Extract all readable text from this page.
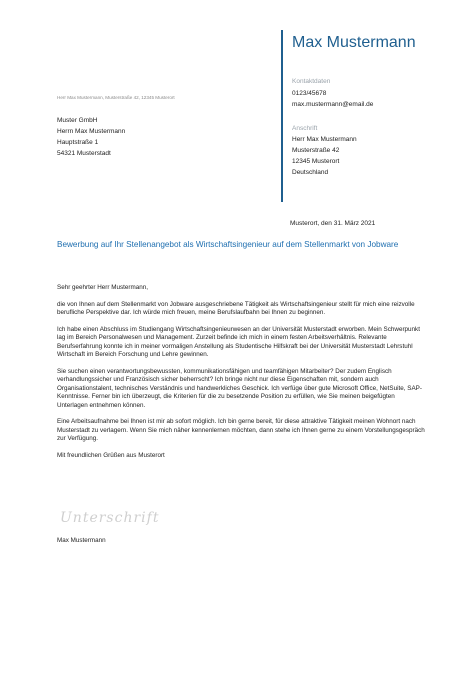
Max Mustermann
Kontaktdaten
0123/45678
max.mustermann@email.de
Anschrift
Herr Max Mustermann
Musterstraße 42
12345 Musterort
Deutschland
Herr Max Mustermann, Musterstraße 42, 12345 Musterort
Muster GmbH
Herrn Max Mustermann
Hauptstraße 1
54321 Musterstadt
Musterort, den 31. März 2021
Bewerbung auf Ihr Stellenangebot als Wirtschaftsingenieur auf dem Stellenmarkt von Jobware

Sehr geehrter Herr Mustermann,

die von Ihnen auf dem Stellenmarkt von Jobware ausgeschriebene Tätigkeit als Wirtschaftsingenieur stellt für mich eine reizvolle berufliche Perspektive dar. Ich würde mich freuen, meine Berufslaufbahn bei Ihnen zu beginnen.

Ich habe einen Abschluss im Studiengang Wirtschaftsingenieurwesen an der Universität Musterstadt erworben. Mein Schwerpunkt lag im Bereich Personalwesen und Management. Zurzeit befinde ich mich in einem festen Arbeitsverhältnis. Relevante Berufserfahrung konnte ich in meiner vormaligen Anstellung als Studentische Hilfskraft bei der Universität Musterstadt Lehrstuhl Wirtschaft im Bereich Forschung und Lehre gewinnen.

Sie suchen einen verantwortungsbewussten, kommunikationsfähigen und teamfähigen Mitarbeiter? Der zudem Englisch verhandlungssicher und Französisch sicher beherrscht? Ich bringe nicht nur diese Eigenschaften mit, sondern auch Organisationstalent, technisches Verständnis und handwerkliches Geschick. Ich verfüge über gute Microsoft Office, NetSuite, SAP-Kenntnisse. Ferner bin ich überzeugt, die Kriterien für die zu besetzende Position zu erfüllen, wie Sie meinen beigefügten Unterlagen entnehmen können.

Eine Arbeitsaufnahme bei Ihnen ist mir ab sofort möglich. Ich bin gerne bereit, für diese attraktive Tätigkeit meinen Wohnort nach Musterstadt zu verlagern. Wenn Sie mich näher kennenlernen möchten, dann stehe ich Ihnen gerne zu einem Vorstellungsgespräch zur Verfügung.

Mit freundlichen Grüßen aus Musterort

Unterschrift
Max Mustermann
